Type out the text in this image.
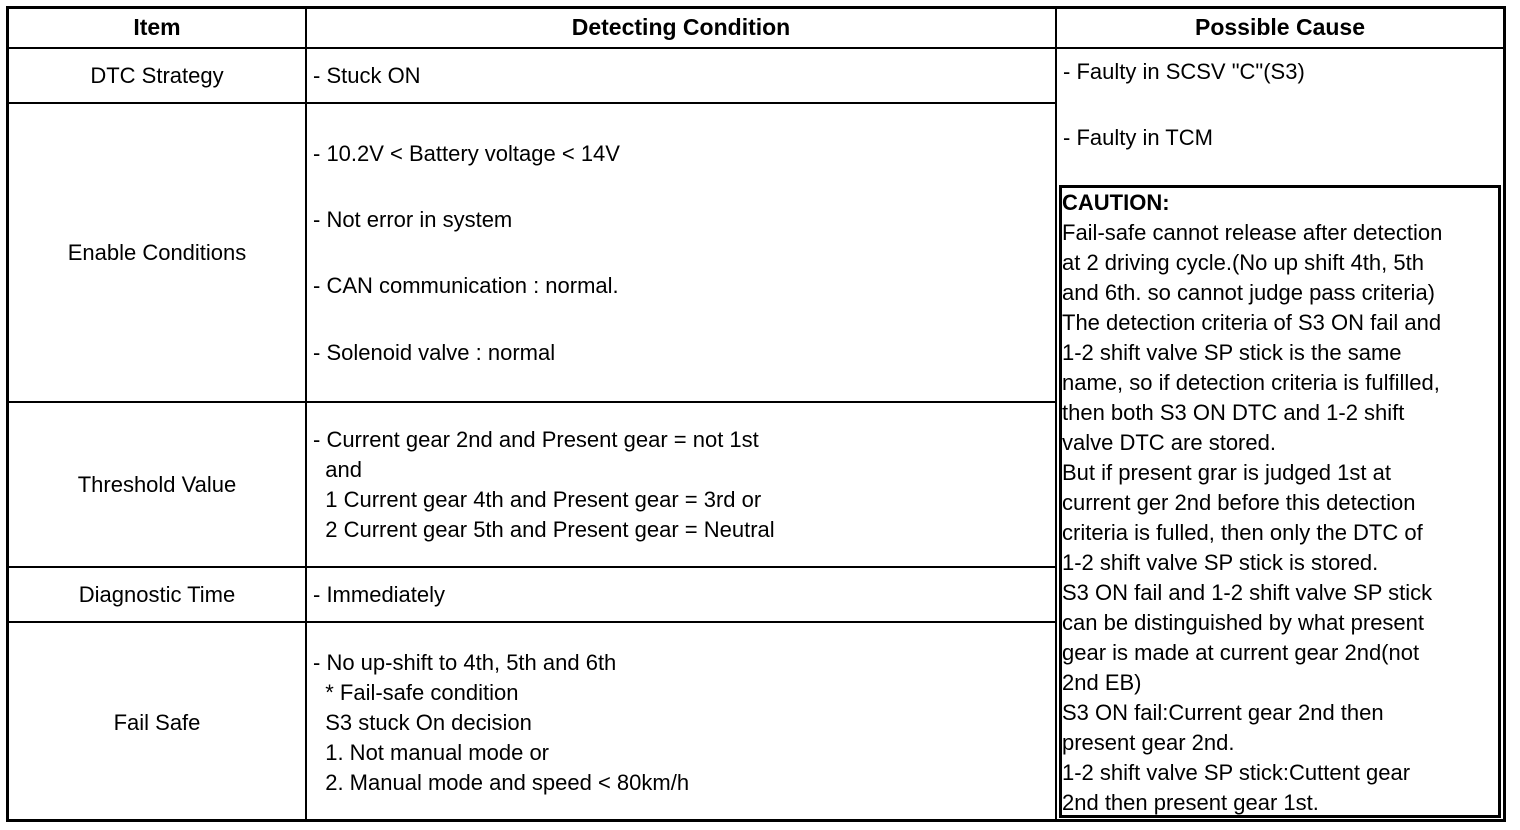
Item	Detecting Condition	Possible Cause
DTC Strategy
Enable Conditions
Threshold Value
Diagnostic Time
Fail Safe
- Stuck ON
- 10.2V < Battery voltage < 14V
- Not error in system
- CAN communication : normal.
- Solenoid valve : normal
- Current gear 2nd and Present gear = not 1st
and
1 Current gear 4th and Present gear = 3rd or
2 Current gear 5th and Present gear = Neutral
- Immediately
- No up-shift to 4th, 5th and 6th
* Fail-safe condition
S3 stuck On decision
1. Not manual mode or
2. Manual mode and speed < 80km/h
- Faulty in SCSV "C"(S3)
- Faulty in TCM
CAUTION:
Fail-safe cannot release after detection
at 2 driving cycle.(No up shift 4th, 5th
and 6th. so cannot judge pass criteria)
The detection criteria of S3 ON fail and
1-2 shift valve SP stick is the same
name, so if detection criteria is fulfilled,
then both S3 ON DTC and 1-2 shift
valve DTC are stored.
But if present grar is judged 1st at
current ger 2nd before this detection
criteria is fulled, then only the DTC of
1-2 shift valve SP stick is stored.
S3 ON fail and 1-2 shift valve SP stick
can be distinguished by what present
gear is made at current gear 2nd(not
2nd EB)
S3 ON fail:Current gear 2nd then
present gear 2nd.
1-2 shift valve SP stick:Cuttent gear
2nd then present gear 1st.
